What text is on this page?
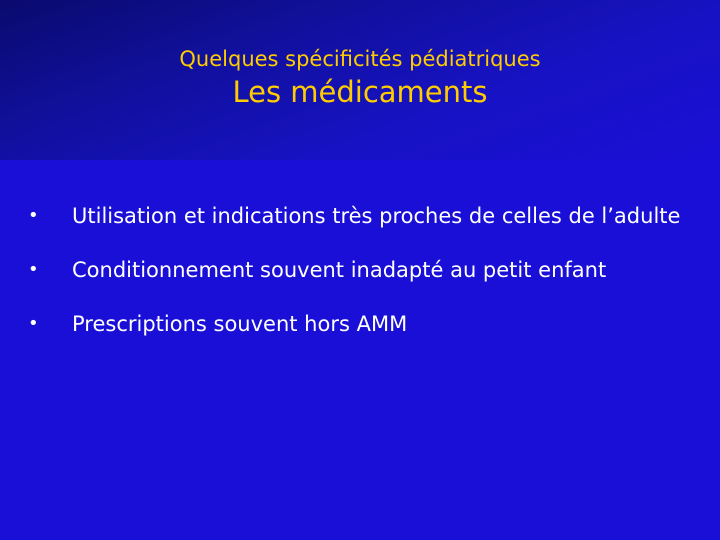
Quelques spécificités pédiatriques
Les médicaments
• Utilisation et indications très proches de celles de l’adulte
• Conditionnement souvent inadapté au petit enfant
• Prescriptions souvent hors AMM
